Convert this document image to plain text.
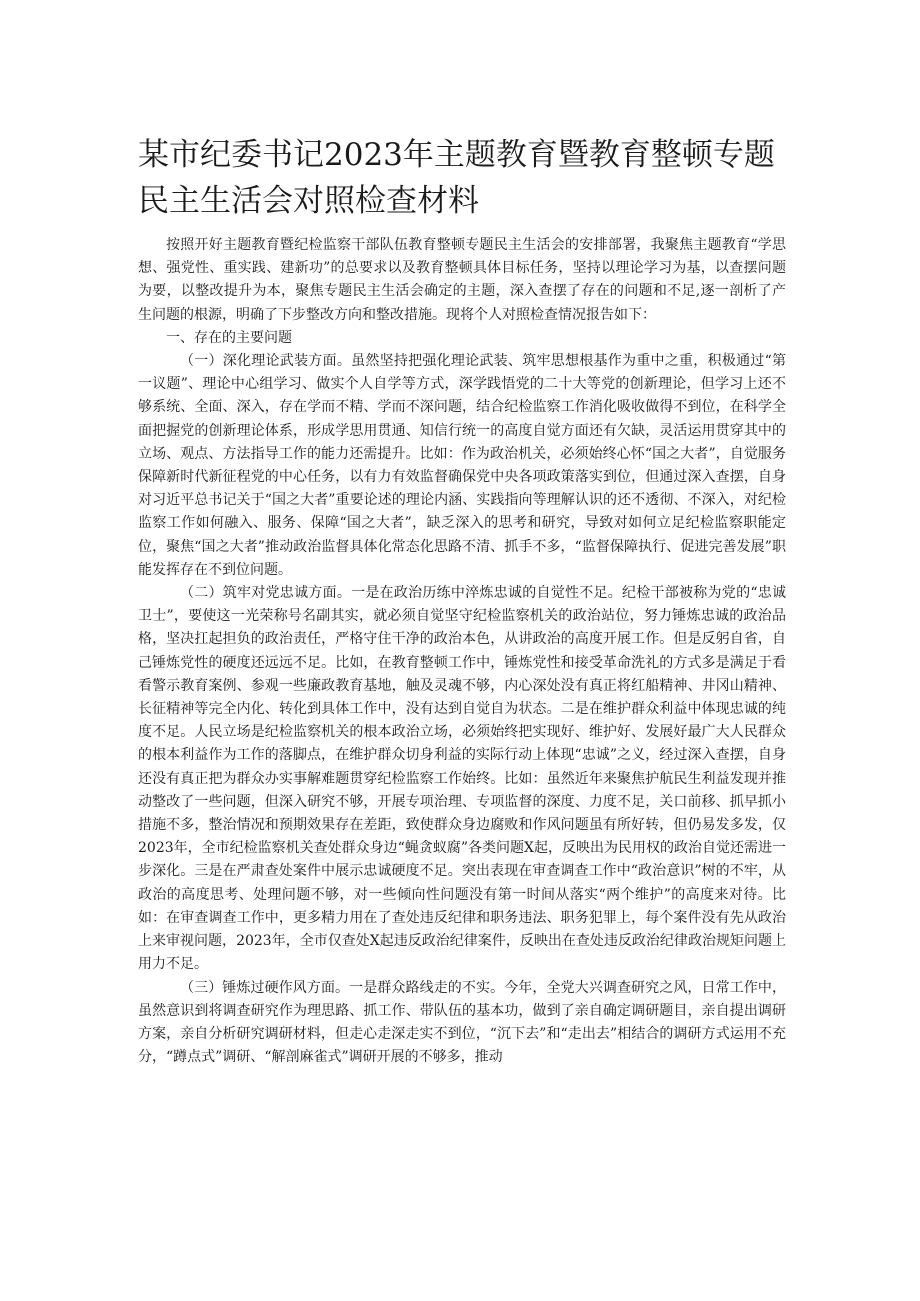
某市纪委书记2023年主题教育暨教育整顿专题民主生活会对照检查材料

按照开好主题教育暨纪检监察干部队伍教育整顿专题民主生活会的安排部署，我聚焦主题教育“学思想、强党性、重实践、建新功”的总要求以及教育整顿具体目标任务，坚持以理论学习为基，以查摆问题为要，以整改提升为本，聚焦专题民主生活会确定的主题，深入查摆了存在的问题和不足,逐一剖析了产生问题的根源，明确了下步整改方向和整改措施。现将个人对照检查情况报告如下：

一、存在的主要问题

（一）深化理论武装方面。虽然坚持把强化理论武装、筑牢思想根基作为重中之重，积极通过“第一议题”、理论中心组学习、做实个人自学等方式，深学践悟党的二十大等党的创新理论，但学习上还不够系统、全面、深入，存在学而不精、学而不深问题，结合纪检监察工作消化吸收做得不到位，在科学全面把握党的创新理论体系，形成学思用贯通、知信行统一的高度自觉方面还有欠缺，灵活运用贯穿其中的立场、观点、方法指导工作的能力还需提升。比如：作为政治机关，必须始终心怀“国之大者”，自觉服务保障新时代新征程党的中心任务，以有力有效监督确保党中央各项政策落实到位，但通过深入查摆，自身对习近平总书记关于“国之大者”重要论述的理论内涵、实践指向等理解认识的还不透彻、不深入，对纪检监察工作如何融入、服务、保障“国之大者”，缺乏深入的思考和研究，导致对如何立足纪检监察职能定位，聚焦“国之大者”推动政治监督具体化常态化思路不清、抓手不多，“监督保障执行、促进完善发展”职能发挥存在不到位问题。

（二）筑牢对党忠诚方面。一是在政治历练中淬炼忠诚的自觉性不足。纪检干部被称为党的“忠诚卫士”，要使这一光荣称号名副其实，就必须自觉坚守纪检监察机关的政治站位，努力锤炼忠诚的政治品格，坚决扛起担负的政治责任，严格守住干净的政治本色，从讲政治的高度开展工作。但是反躬自省，自己锤炼党性的硬度还远远不足。比如，在教育整顿工作中，锤炼党性和接受革命洗礼的方式多是满足于看看警示教育案例、参观一些廉政教育基地，触及灵魂不够，内心深处没有真正将红船精神、井冈山精神、长征精神等完全内化、转化到具体工作中，没有达到自觉自为状态。二是在维护群众利益中体现忠诚的纯度不足。人民立场是纪检监察机关的根本政治立场，必须始终把实现好、维护好、发展好最广大人民群众的根本利益作为工作的落脚点，在维护群众切身利益的实际行动上体现“忠诚”之义，经过深入查摆，自身还没有真正把为群众办实事解难题贯穿纪检监察工作始终。比如：虽然近年来聚焦护航民生利益发现并推动整改了一些问题，但深入研究不够，开展专项治理、专项监督的深度、力度不足，关口前移、抓早抓小措施不多，整治情况和预期效果存在差距，致使群众身边腐败和作风问题虽有所好转，但仍易发多发，仅2023年，全市纪检监察机关查处群众身边“蝇贪蚁腐”各类问题X起，反映出为民用权的政治自觉还需进一步深化。三是在严肃查处案件中展示忠诚硬度不足。突出表现在审查调查工作中“政治意识”树的不牢，从政治的高度思考、处理问题不够，对一些倾向性问题没有第一时间从落实“两个维护”的高度来对待。比如：在审查调查工作中，更多精力用在了查处违反纪律和职务违法、职务犯罪上，每个案件没有先从政治上来审视问题，2023年，全市仅查处X起违反政治纪律案件，反映出在查处违反政治纪律政治规矩问题上用力不足。

（三）锤炼过硬作风方面。一是群众路线走的不实。今年，全党大兴调查研究之风，日常工作中，虽然意识到将调查研究作为理思路、抓工作、带队伍的基本功，做到了亲自确定调研题目，亲自提出调研方案，亲自分析研究调研材料，但走心走深走实不到位，“沉下去”和“走出去”相结合的调研方式运用不充分，“蹲点式”调研、“解剖麻雀式”调研开展的不够多，推动
